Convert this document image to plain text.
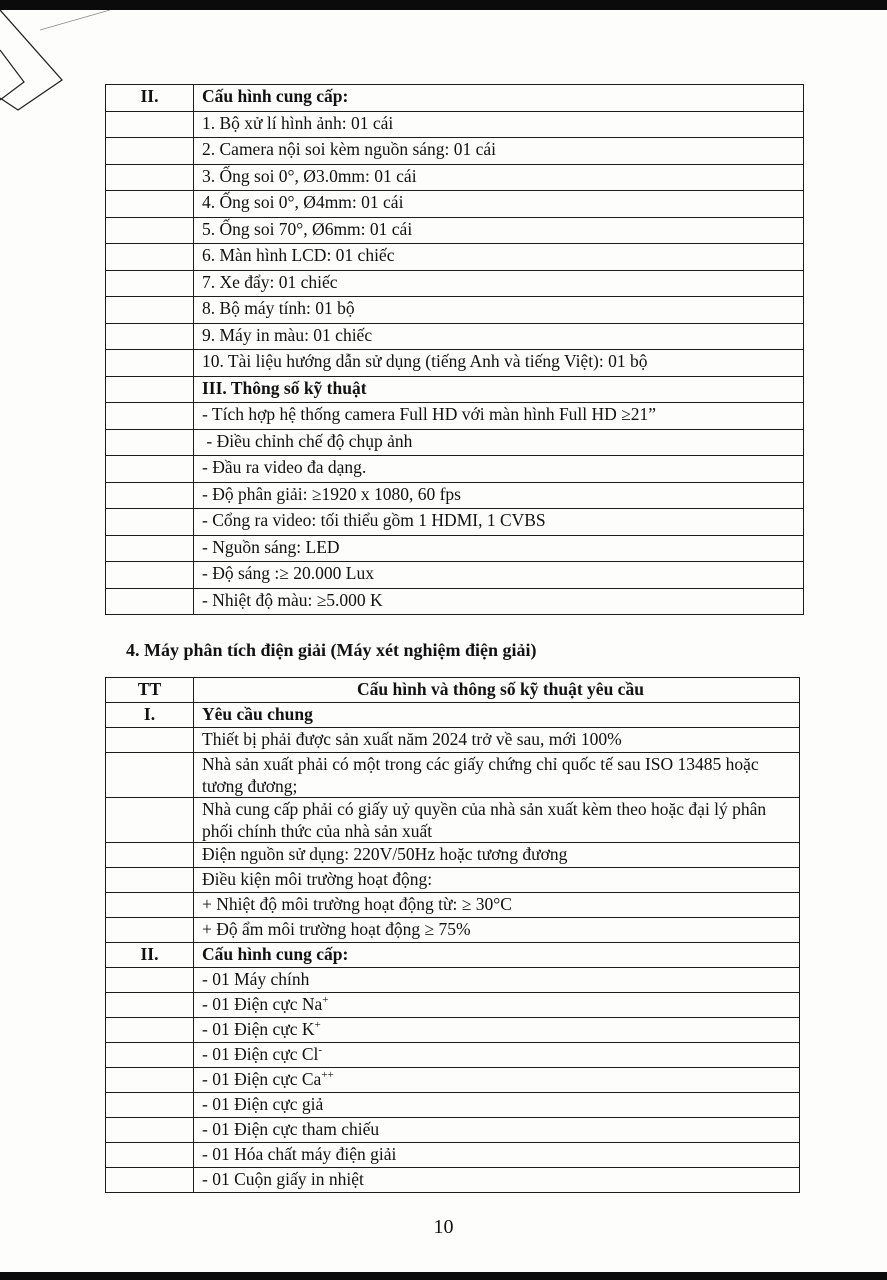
II.	Cấu hình cung cấp:
	1. Bộ xử lí hình ảnh: 01 cái
	2. Camera nội soi kèm nguồn sáng: 01 cái
	3. Ống soi 0°, Ø3.0mm: 01 cái
	4. Ống soi 0°, Ø4mm: 01 cái
	5. Ống soi 70°, Ø6mm: 01 cái
	6. Màn hình LCD: 01 chiếc
	7. Xe đẩy: 01 chiếc
	8. Bộ máy tính: 01 bộ
	9. Máy in màu: 01 chiếc
	10. Tài liệu hướng dẫn sử dụng (tiếng Anh và tiếng Việt): 01 bộ
	III. Thông số kỹ thuật
	- Tích hợp hệ thống camera Full HD với màn hình Full HD ≥21”
	- Điều chỉnh chế độ chụp ảnh
	- Đầu ra video đa dạng.
	- Độ phân giải: ≥1920 x 1080, 60 fps
	- Cổng ra video: tối thiểu gồm 1 HDMI, 1 CVBS
	- Nguồn sáng: LED
	- Độ sáng :≥ 20.000 Lux
	- Nhiệt độ màu: ≥5.000 K
4. Máy phân tích điện giải (Máy xét nghiệm điện giải)
TT	Cấu hình và thông số kỹ thuật yêu cầu
I.	Yêu cầu chung
	Thiết bị phải được sản xuất năm 2024 trở về sau, mới 100%
	Nhà sản xuất phải có một trong các giấy chứng chỉ quốc tế sau ISO 13485 hoặc tương đương;
	Nhà cung cấp phải có giấy uỷ quyền của nhà sản xuất kèm theo hoặc đại lý phân phối chính thức của nhà sản xuất
	Điện nguồn sử dụng: 220V/50Hz hoặc tương đương
	Điều kiện môi trường hoạt động:
	+ Nhiệt độ môi trường hoạt động từ: ≥ 30°C
	+ Độ ẩm môi trường hoạt động ≥ 75%
II.	Cấu hình cung cấp:
	- 01 Máy chính
	- 01 Điện cực Na+
	- 01 Điện cực K+
	- 01 Điện cực Cl-
	- 01 Điện cực Ca++
	- 01 Điện cực giả
	- 01 Điện cực tham chiếu
	- 01 Hóa chất máy điện giải
	- 01 Cuộn giấy in nhiệt
10
